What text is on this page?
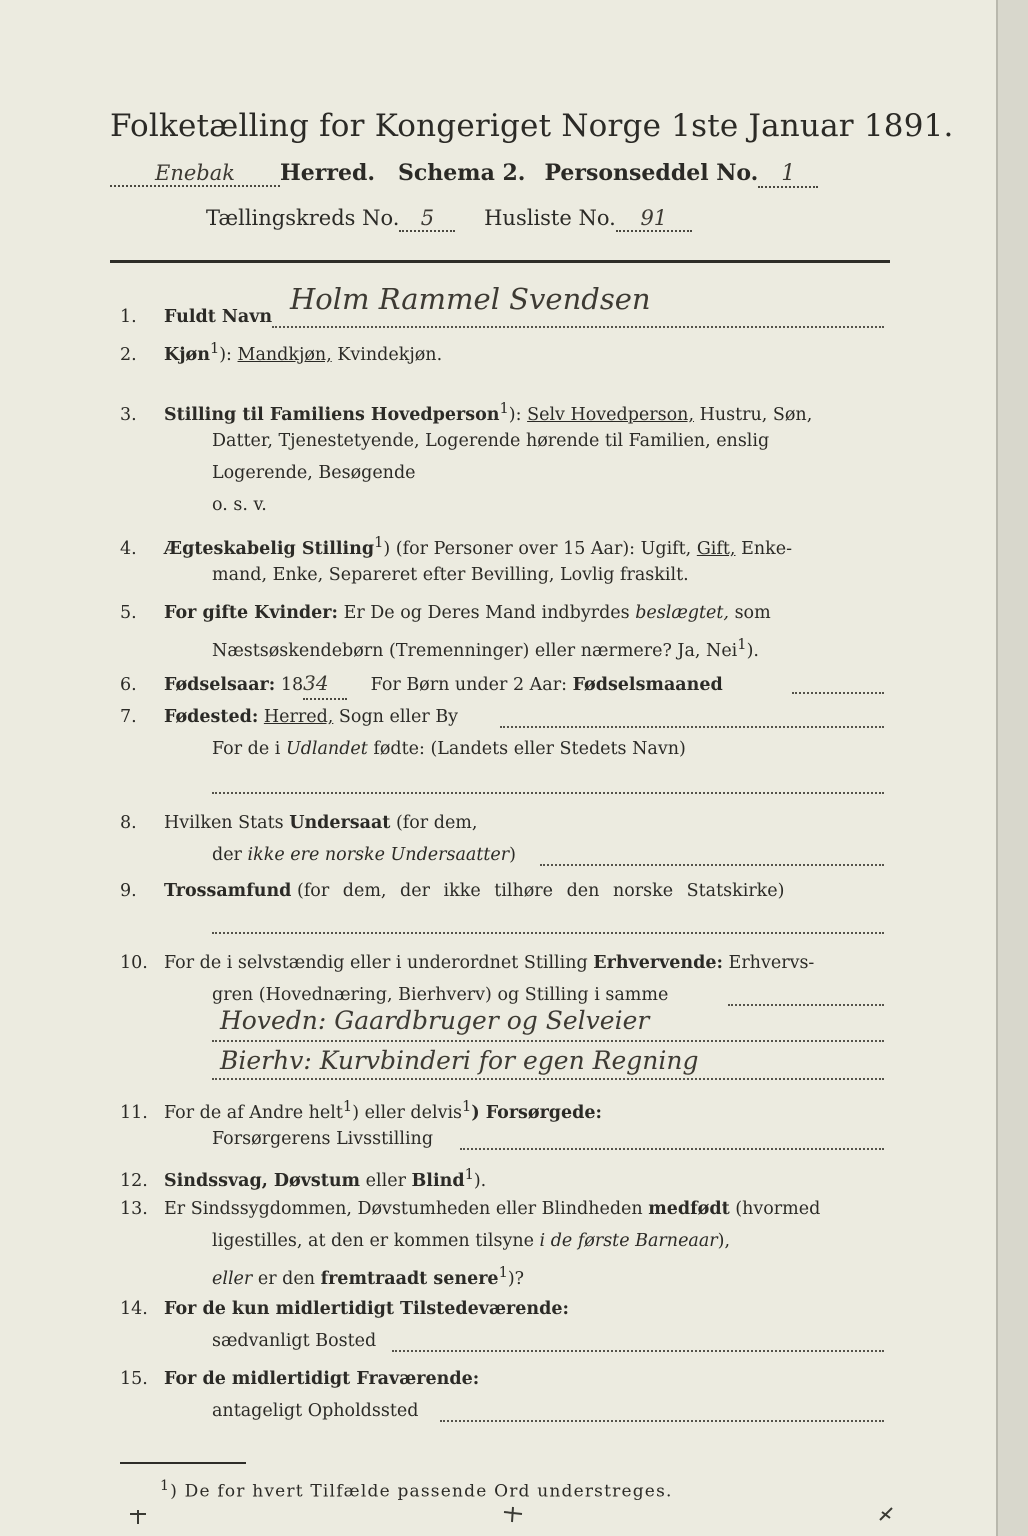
Folketælling for Kongeriget Norge 1ste Januar 1891.
Enebak Herred. Schema 2. Personseddel No. 1
Tællingskreds No. 5 Husliste No. 91
1. Fuldt Navn
Holm Rammel Svendsen
2. Kjøn$^1$): Mandkjøn, Kvindekjøn.
3. Stilling til Familiens Hovedperson$^1$): Selv Hovedperson, Hustru, Søn,
Datter, Tjenestetyende, Logerende hørende til Familien, enslig
Logerende, Besøgende
o. s. v.
4. Ægteskabelig Stilling$^1$) (for Personer over 15 Aar): Ugift, Gift, Enke-
mand, Enke, Separeret efter Bevilling, Lovlig fraskilt.
5. For gifte Kvinder: Er De og Deres Mand indbyrdes beslægtet, som
Næstsøskendebørn (Tremenninger) eller nærmere? Ja, Nei$^1$).
6. Fødselsaar: 1834 For Børn under 2 Aar: Fødselsmaaned
7. Fødested: Herred, Sogn eller By
For de i Udlandet fødte: (Landets eller Stedets Navn)
8. Hvilken Stats Undersaat (for dem,
der ikke ere norske Undersaatter)
9. Trossamfund (for dem, der ikke tilhøre den norske Statskirke)
10. For de i selvstændig eller i underordnet Stilling Erhvervende: Erhvervs-
gren (Hovednæring, Bierhverv) og Stilling i samme
Hovedn: Gaardbruger og Selveier
Bierhv: Kurvbinderi for egen Regning
11. For de af Andre helt$^1$) eller delvis$^1$) Forsørgede:
Forsørgerens Livsstilling
12. Sindssvag, Døvstum eller Blind$^1$).
13. Er Sindssygdommen, Døvstumheden eller Blindheden medfødt (hvormed
ligestilles, at den er kommen tilsyne i de første Barneaar),
eller er den fremtraadt senere$^1$)?
14. For de kun midlertidigt Tilstedeværende:
sædvanligt Bosted
15. For de midlertidigt Fraværende:
antageligt Opholdssted
$^1$) De for hvert Tilfælde passende Ord understreges.
